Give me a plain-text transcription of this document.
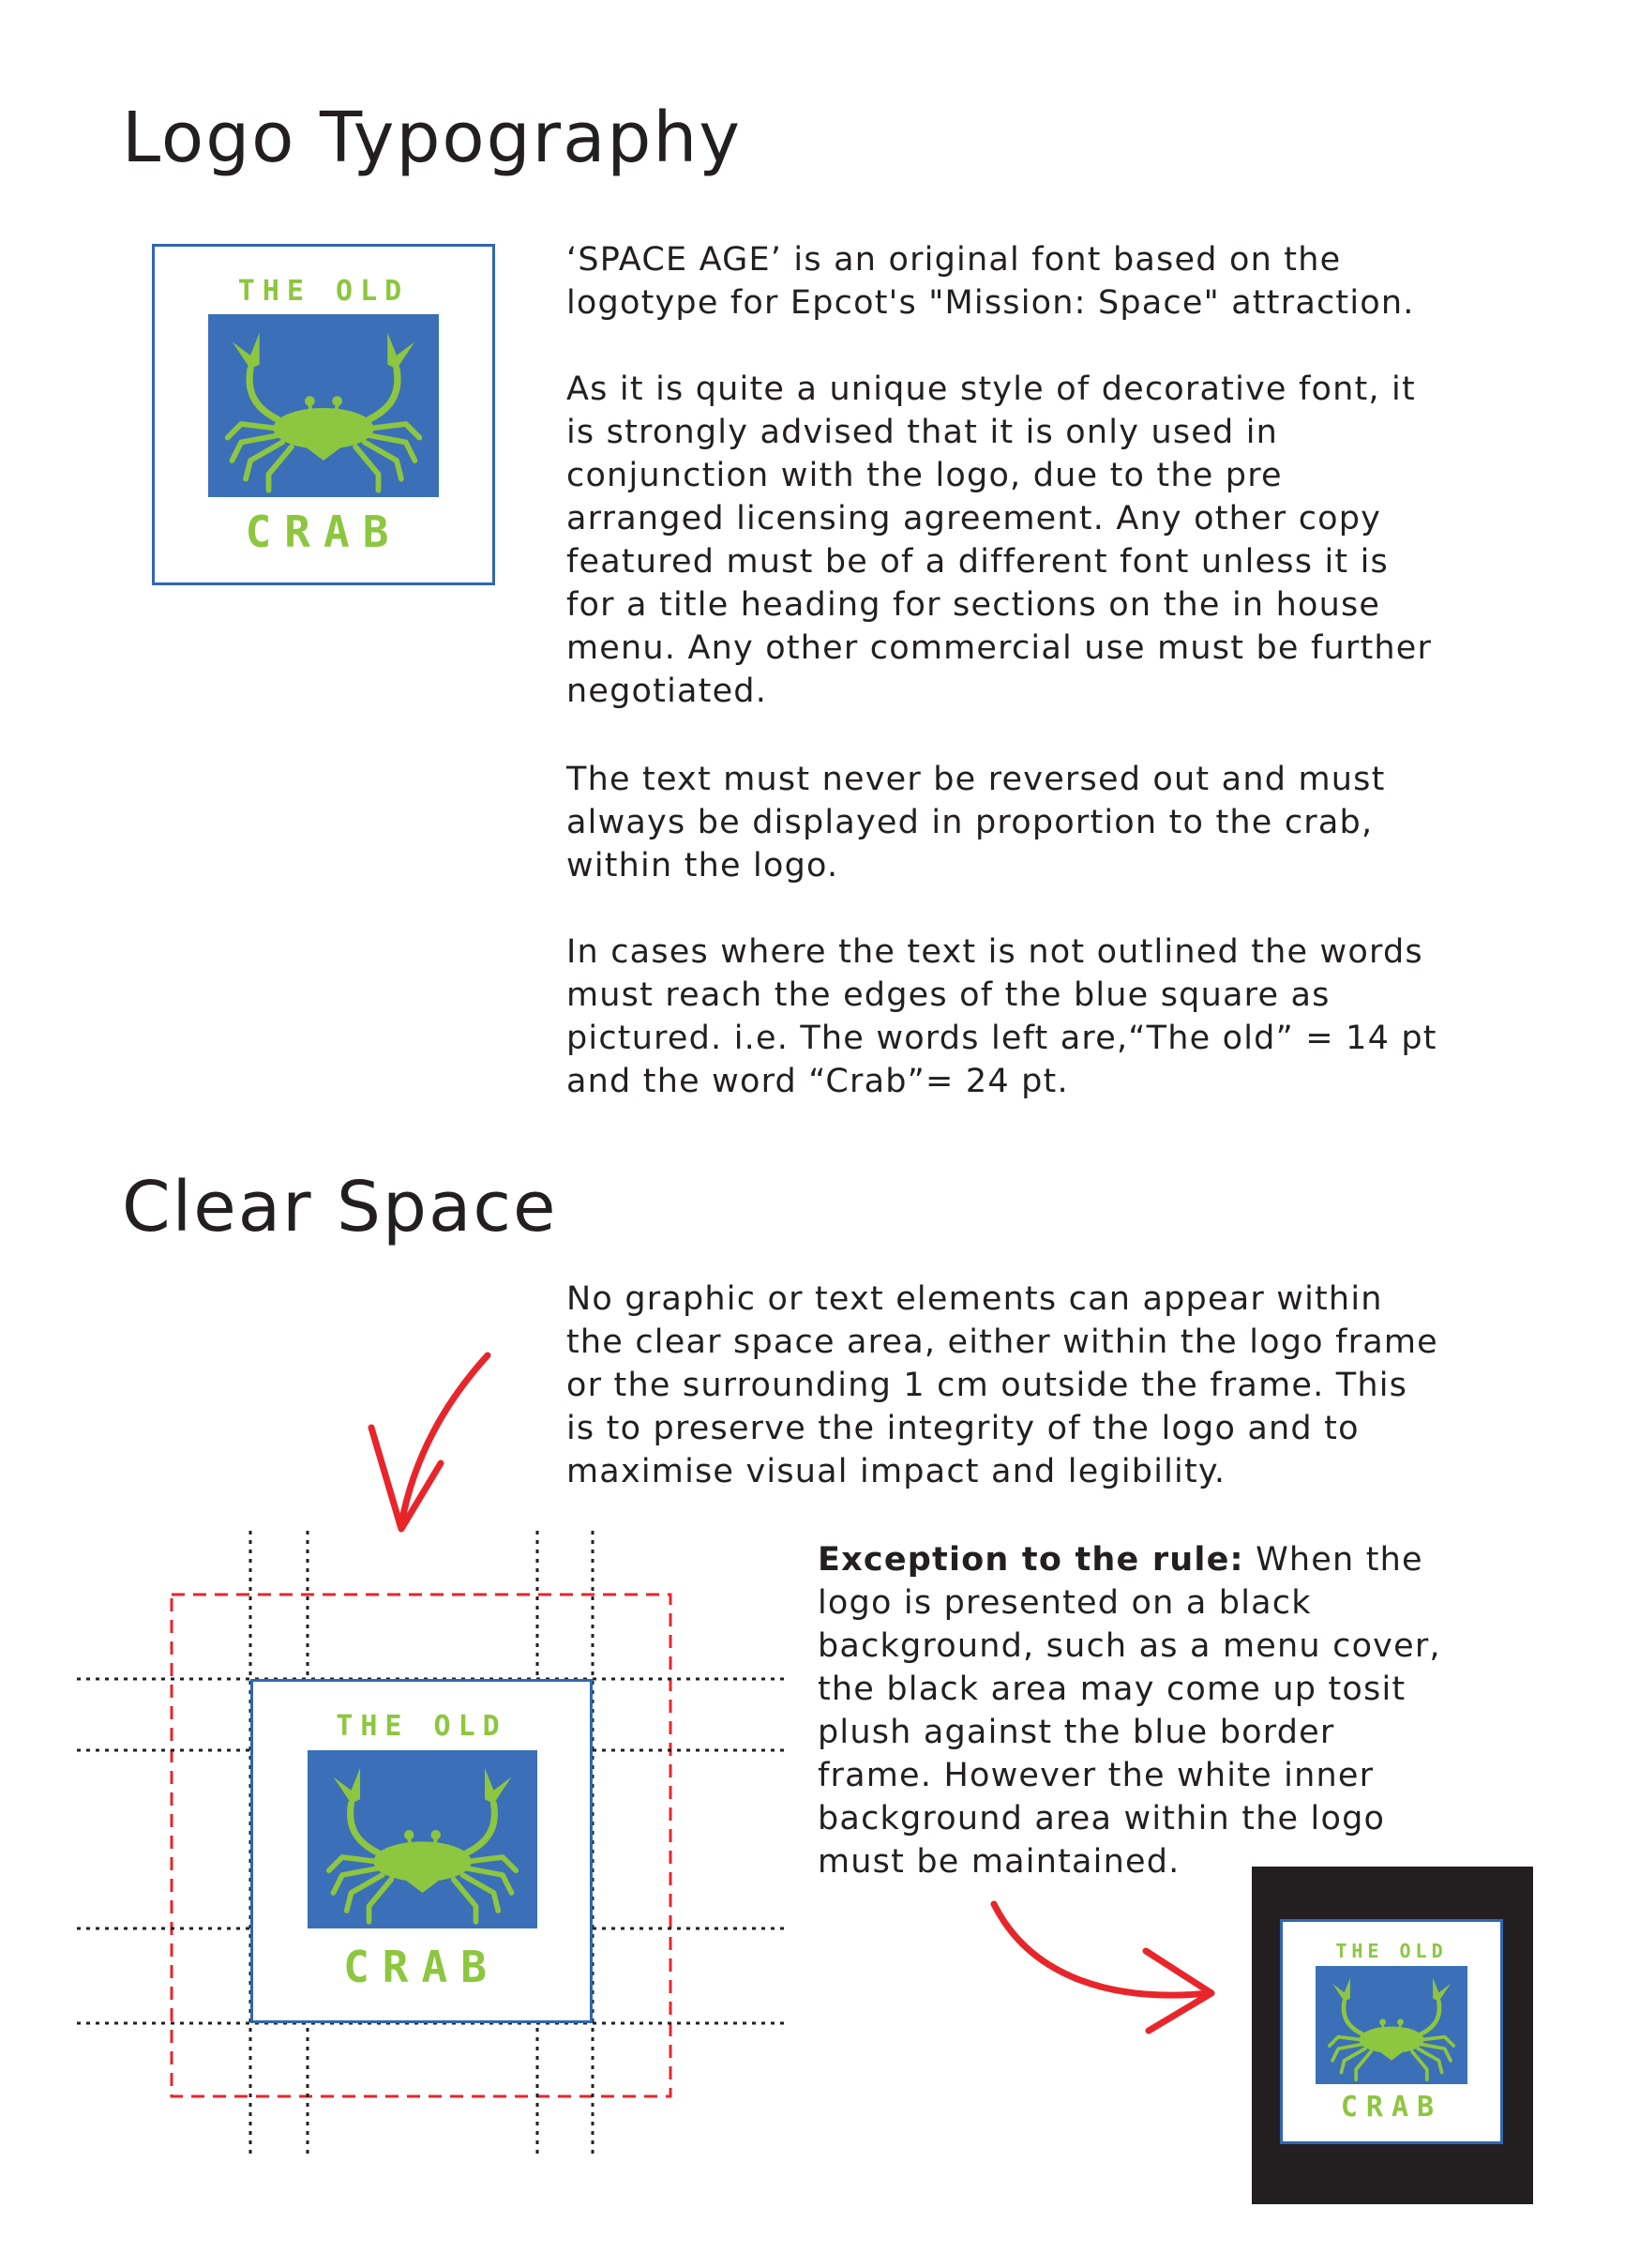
Logo Typography
THE OLD
CRAB

‘SPACE AGE’ is an original font based on the
logotype for Epcot's "Mission: Space" attraction.

As it is quite a unique style of decorative font, it
is strongly advised that it is only used in
conjunction with the logo, due to the pre
arranged licensing agreement. Any other copy
featured must be of a different font unless it is
for a title heading for sections on the in house
menu. Any other commercial use must be further
negotiated.

The text must never be reversed out and must
always be displayed in proportion to the crab,
within the logo.

In cases where the text is not outlined the words
must reach the edges of the blue square as
pictured. i.e. The words left are,“The old” = 14 pt
and the word “Crab”= 24 pt.

Clear Space

No graphic or text elements can appear within
the clear space area, either within the logo frame
or the surrounding 1 cm outside the frame. This
is to preserve the integrity of the logo and to
maximise visual impact and legibility.

Exception to the rule: When the
logo is presented on a black
background, such as a menu cover,
the black area may come up tosit
plush against the blue border
frame. However the white inner
background area within the logo
must be maintained.

THE OLD
CRAB	THE OLD
CRAB
